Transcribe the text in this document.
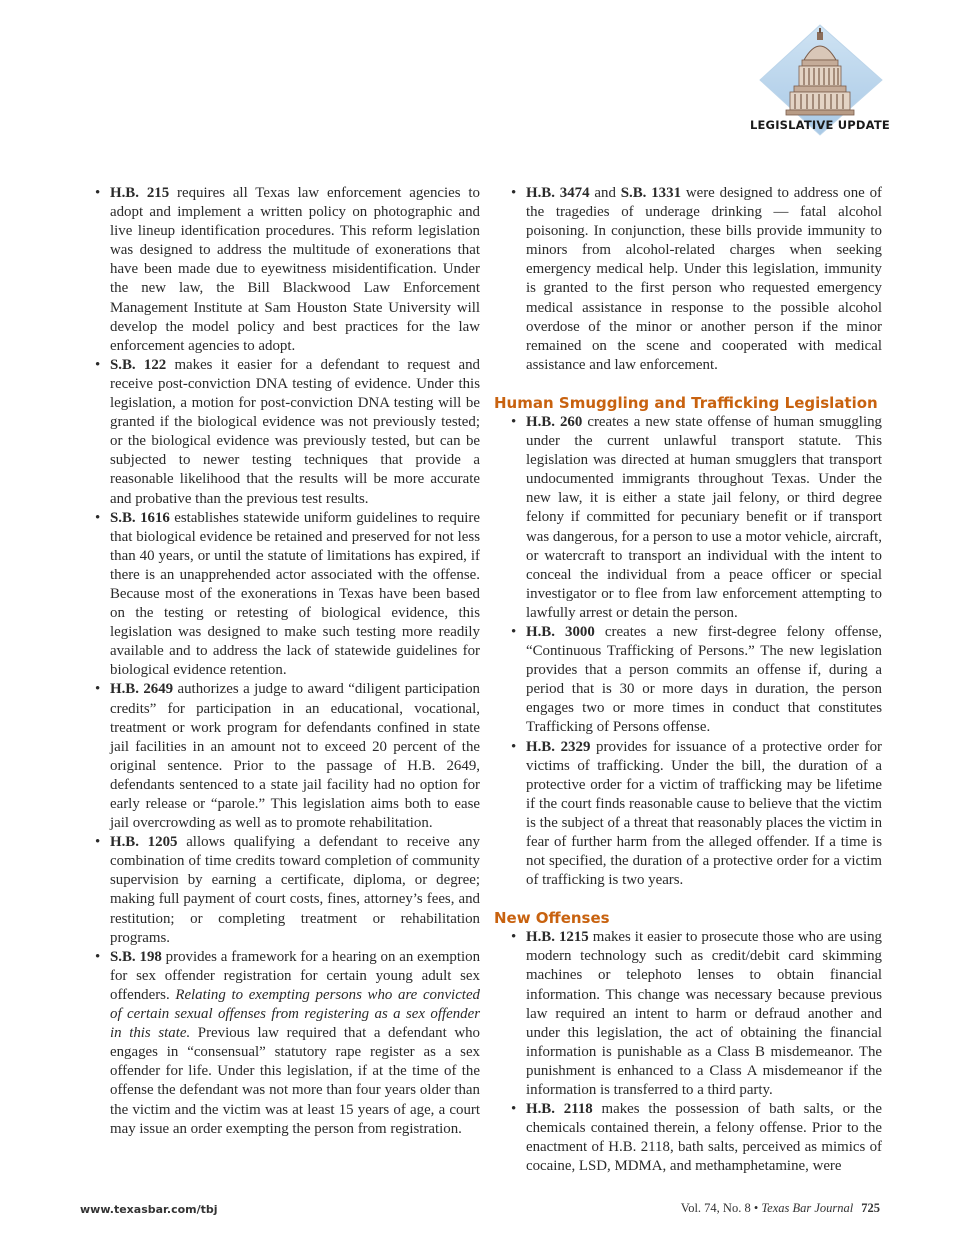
LEGISLATIVE UPDATE
• H.B. 215 requires all Texas law enforcement agencies to adopt and implement a written policy on photographic and live lineup identification procedures. This reform legislation was designed to address the multitude of exonerations that have been made due to eyewitness misidentification. Under the new law, the Bill Blackwood Law Enforcement Management Institute at Sam Houston State University will develop the model policy and best practices for the law enforcement agencies to adopt.
• S.B. 122 makes it easier for a defendant to request and receive post-conviction DNA testing of evidence. Under this legislation, a motion for post-conviction DNA testing will be granted if the biological evidence was not previously tested; or the biological evidence was previously tested, but can be subjected to newer testing techniques that provide a reasonable likelihood that the results will be more accurate and probative than the previous test results.
• S.B. 1616 establishes statewide uniform guidelines to require that biological evidence be retained and preserved for not less than 40 years, or until the statute of limitations has expired, if there is an unapprehended actor associated with the offense. Because most of the exonerations in Texas have been based on the testing or retesting of biological evidence, this legislation was designed to make such testing more readily available and to address the lack of statewide guidelines for biological evidence retention.
• H.B. 2649 authorizes a judge to award “diligent participation credits” for participation in an educational, vocational, treatment or work program for defendants confined in state jail facilities in an amount not to exceed 20 percent of the original sentence. Prior to the passage of H.B. 2649, defendants sentenced to a state jail facility had no option for early release or “parole.” This legislation aims both to ease jail overcrowding as well as to promote rehabilitation.
• H.B. 1205 allows qualifying a defendant to receive any combination of time credits toward completion of community supervision by earning a certificate, diploma, or degree; making full payment of court costs, fines, attorney’s fees, and restitution; or completing treatment or rehabilitation programs.
• S.B. 198 provides a framework for a hearing on an exemption for sex offender registration for certain young adult sex offenders. Relating to exempting persons who are convicted of certain sexual offenses from registering as a sex offender in this state. Previous law required that a defendant who engages in “consensual” statutory rape register as a sex offender for life. Under this legislation, if at the time of the offense the defendant was not more than four years older than the victim and the victim was at least 15 years of age, a court may issue an order exempting the person from registration.
• H.B. 3474 and S.B. 1331 were designed to address one of the tragedies of underage drinking — fatal alcohol poisoning. In conjunction, these bills provide immunity to minors from alcohol-related charges when seeking emergency medical help. Under this legislation, immunity is granted to the first person who requested emergency medical assistance in response to the possible alcohol overdose of the minor or another person if the minor remained on the scene and cooperated with medical assistance and law enforcement.
Human Smuggling and Trafficking Legislation
• H.B. 260 creates a new state offense of human smuggling under the current unlawful transport statute. This legislation was directed at human smugglers that transport undocumented immigrants throughout Texas. Under the new law, it is either a state jail felony, or third degree felony if committed for pecuniary benefit or if transport was dangerous, for a person to use a motor vehicle, aircraft, or watercraft to transport an individual with the intent to conceal the individual from a peace officer or special investigator or to flee from law enforcement attempting to lawfully arrest or detain the person.
• H.B. 3000 creates a new first-degree felony offense, “Continuous Trafficking of Persons.” The new legislation provides that a person commits an offense if, during a period that is 30 or more days in duration, the person engages two or more times in conduct that constitutes Trafficking of Persons offense.
• H.B. 2329 provides for issuance of a protective order for victims of trafficking. Under the bill, the duration of a protective order for a victim of trafficking may be lifetime if the court finds reasonable cause to believe that the victim is the subject of a threat that reasonably places the victim in fear of further harm from the alleged offender. If a time is not specified, the duration of a protective order for a victim of trafficking is two years.
New Offenses
• H.B. 1215 makes it easier to prosecute those who are using modern technology such as credit/debit card skimming machines or telephoto lenses to obtain financial information. This change was necessary because previous law required an intent to harm or defraud another and under this legislation, the act of obtaining the financial information is punishable as a Class B misdemeanor. The punishment is enhanced to a Class A misdemeanor if the information is transferred to a third party.
• H.B. 2118 makes the possession of bath salts, or the chemicals contained therein, a felony offense. Prior to the enactment of H.B. 2118, bath salts, perceived as mimics of cocaine, LSD, MDMA, and methamphetamine, were
www.texasbar.com/tbj	Vol. 74, No. 8 • Texas Bar Journal 725
